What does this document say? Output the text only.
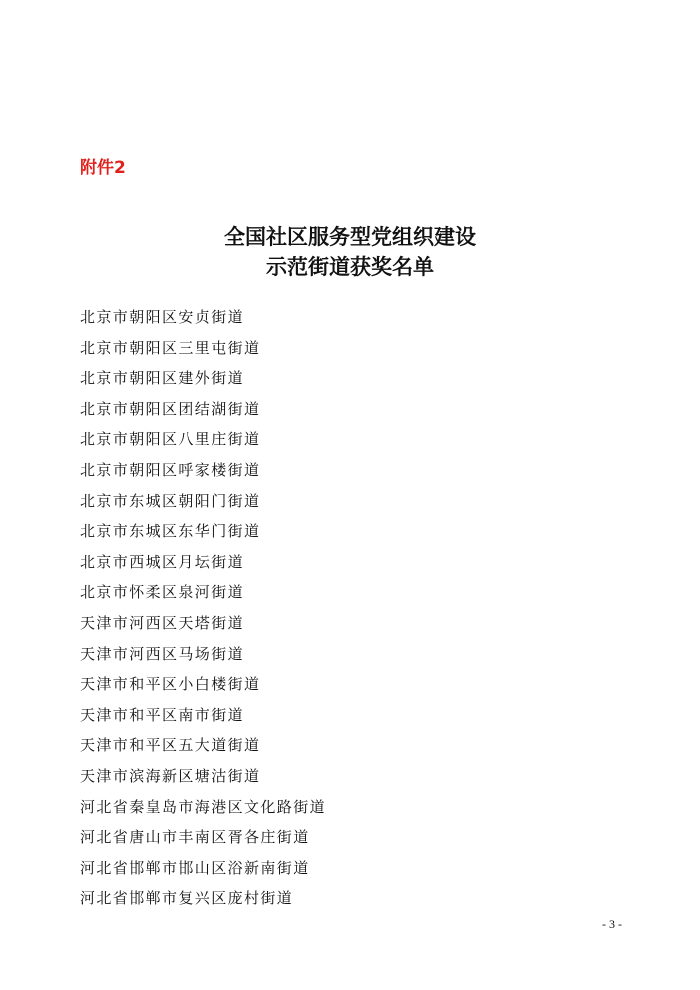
附件2

全国社区服务型党组织建设
示范街道获奖名单
北京市朝阳区安贞街道
北京市朝阳区三里屯街道
北京市朝阳区建外街道
北京市朝阳区团结湖街道
北京市朝阳区八里庄街道
北京市朝阳区呼家楼街道
北京市东城区朝阳门街道
北京市东城区东华门街道
北京市西城区月坛街道
北京市怀柔区泉河街道
天津市河西区天塔街道
天津市河西区马场街道
天津市和平区小白楼街道
天津市和平区南市街道
天津市和平区五大道街道
天津市滨海新区塘沽街道
河北省秦皇岛市海港区文化路街道
河北省唐山市丰南区胥各庄街道
河北省邯郸市邯山区浴新南街道
河北省邯郸市复兴区庞村街道
- 3 -
